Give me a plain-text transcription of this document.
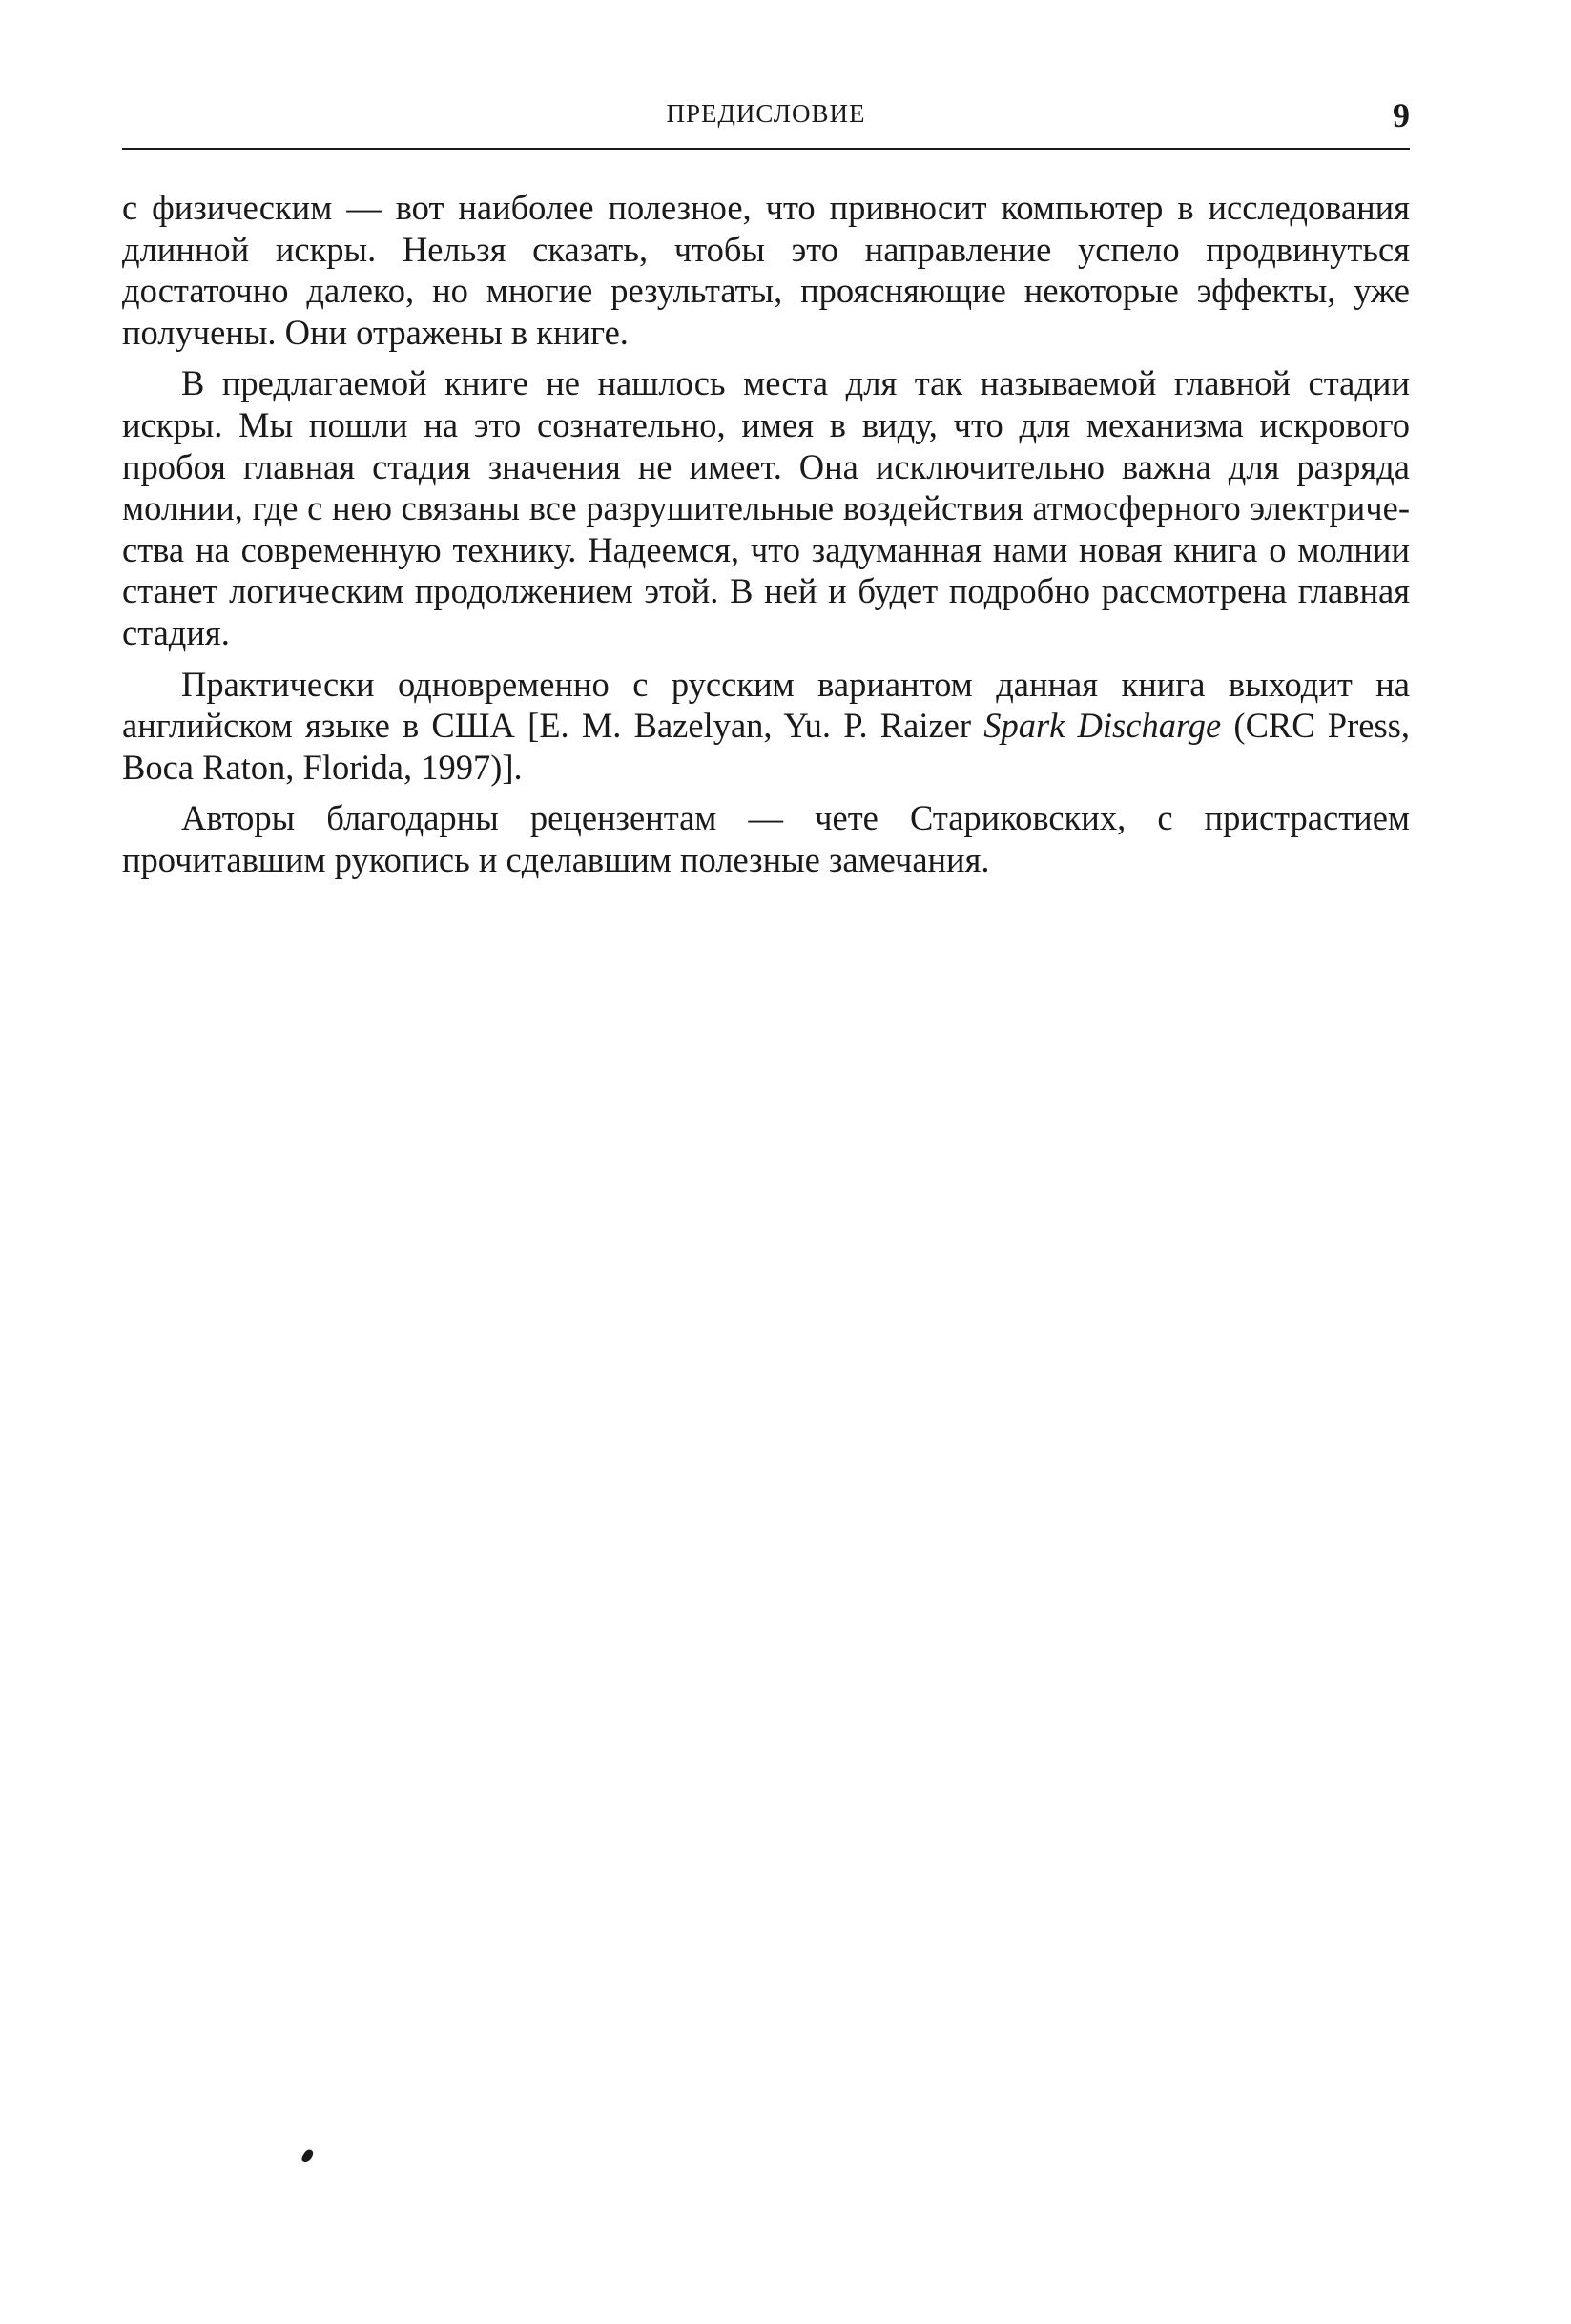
ПРЕДИСЛОВИЕ	9

с физическим — вот наиболее полезное, что привносит компьютер в исследования длинной искры. Нельзя сказать, чтобы это направление успело продвинуться достаточно далеко, но многие результаты, проясняющие некоторые эффекты, уже получены. Они отражены в книге.

В предлагаемой книге не нашлось места для так называемой главной стадии искры. Мы пошли на это сознательно, имея в виду, что для механизма искрового пробоя главная стадия значения не имеет. Она исключительно важна для разряда молнии, где с нею связаны все разрушительные воздействия атмосферного электричества на современную технику. Надеемся, что задуманная нами новая книга о молнии станет логическим продолжением этой. В ней и будет подробно рассмотрена главная стадия.

Практически одновременно с русским вариантом данная книга выходит на английском языке в США [E. M. Bazelyan, Yu. P. Raizer Spark Discharge (CRC Press, Boca Raton, Florida, 1997)].

Авторы благодарны рецензентам — чете Стариковских, с пристрастием прочитавшим рукопись и сделавшим полезные замечания.
